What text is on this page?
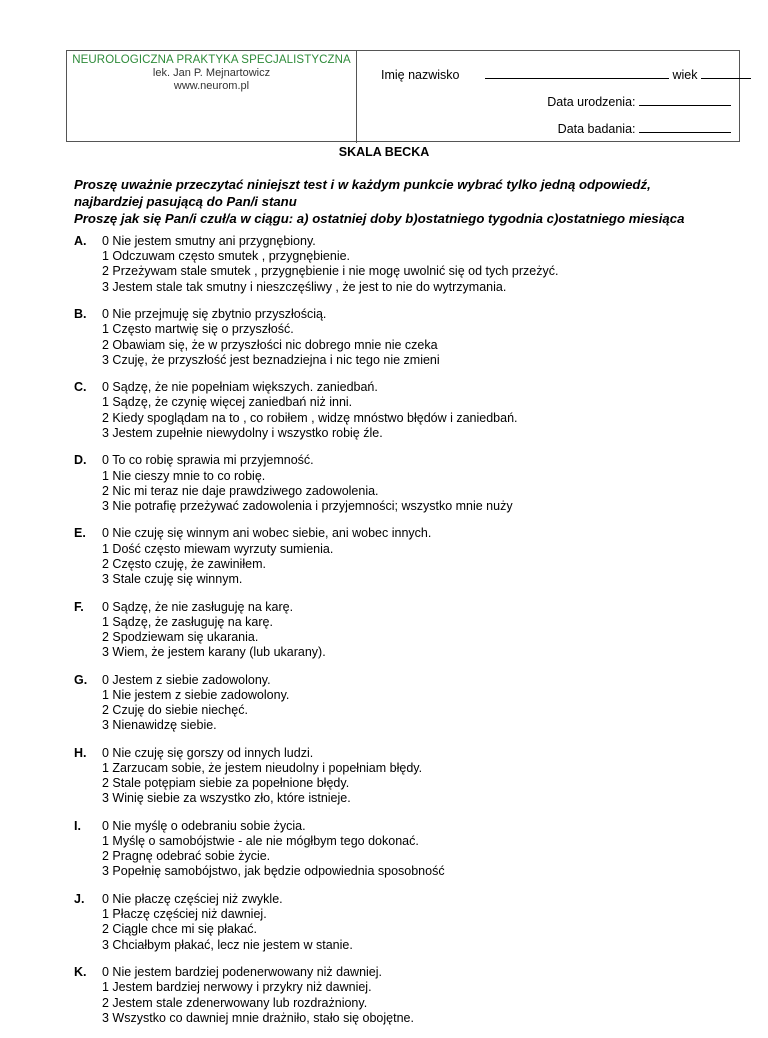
NEUROLOGICZNA PRAKTYKA SPECJALISTYCZNA
lek. Jan P. Mejnartowicz
www.neurom.pl
Imię nazwisko	wiek
Data urodzenia:
Data badania:
SKALA BECKA
Proszę uważnie przeczytać niniejszt test i w każdym punkcie wybrać tylko jedną odpowiedź,
najbardziej pasującą do Pan/i stanu
Proszę jak się Pan/i czuł/a w ciągu: a) ostatniej doby b)ostatniego tygodnia c)ostatniego miesiąca
A.	0 Nie jestem smutny ani przygnębiony.
1 Odczuwam często smutek , przygnębienie.
2 Przeżywam stale smutek , przygnębienie i nie mogę uwolnić się od tych przeżyć.
3 Jestem stale tak smutny i nieszczęśliwy , że jest to nie do wytrzymania.
B.	0 Nie przejmuję się zbytnio przyszłością.
1 Często martwię się o przyszłość.
2 Obawiam się, że w przyszłości nic dobrego mnie nie czeka
3 Czuję, że przyszłość jest beznadziejna i nic tego nie zmieni
C.	0 Sądzę, że nie popełniam większych. zaniedbań.
1 Sądzę, że czynię więcej zaniedbań niż inni.
2 Kiedy spoglądam na to , co robiłem , widzę mnóstwo błędów i zaniedbań.
3 Jestem zupełnie niewydolny i wszystko robię źle.
D.	0 To co robię sprawia mi przyjemność.
1 Nie cieszy mnie to co robię.
2 Nic mi teraz nie daje prawdziwego zadowolenia.
3 Nie potrafię przeżywać zadowolenia i przyjemności; wszystko mnie nuży
E.	0 Nie czuję się winnym ani wobec siebie, ani wobec innych.
1 Dość często miewam wyrzuty sumienia.
2 Często czuję, że zawiniłem.
3 Stale czuję się winnym.
F.	0 Sądzę, że nie zasługuję na karę.
1 Sądzę, że zasługuję na karę.
2 Spodziewam się ukarania.
3 Wiem, że jestem karany (lub ukarany).
G.	0 Jestem z siebie zadowolony.
1 Nie jestem z siebie zadowolony.
2 Czuję do siebie niechęć.
3 Nienawidzę siebie.
H.	0 Nie czuję się gorszy od innych ludzi.
1 Zarzucam sobie, że jestem nieudolny i popełniam błędy.
2 Stale potępiam siebie za popełnione błędy.
3 Winię siebie za wszystko zło, które istnieje.
I.	0 Nie myślę o odebraniu sobie życia.
1 Myślę o samobójstwie - ale nie mógłbym tego dokonać.
2 Pragnę odebrać sobie życie.
3 Popełnię samobójstwo, jak będzie odpowiednia sposobność
J.	0 Nie płaczę częściej niż zwykle.
1 Płaczę częściej niż dawniej.
2 Ciągle chce mi się płakać.
3 Chciałbym płakać, lecz nie jestem w stanie.
K.	0 Nie jestem bardziej podenerwowany niż dawniej.
1 Jestem bardziej nerwowy i przykry niż dawniej.
2 Jestem stale zdenerwowany lub rozdrażniony.
3 Wszystko co dawniej mnie drażniło, stało się obojętne.
